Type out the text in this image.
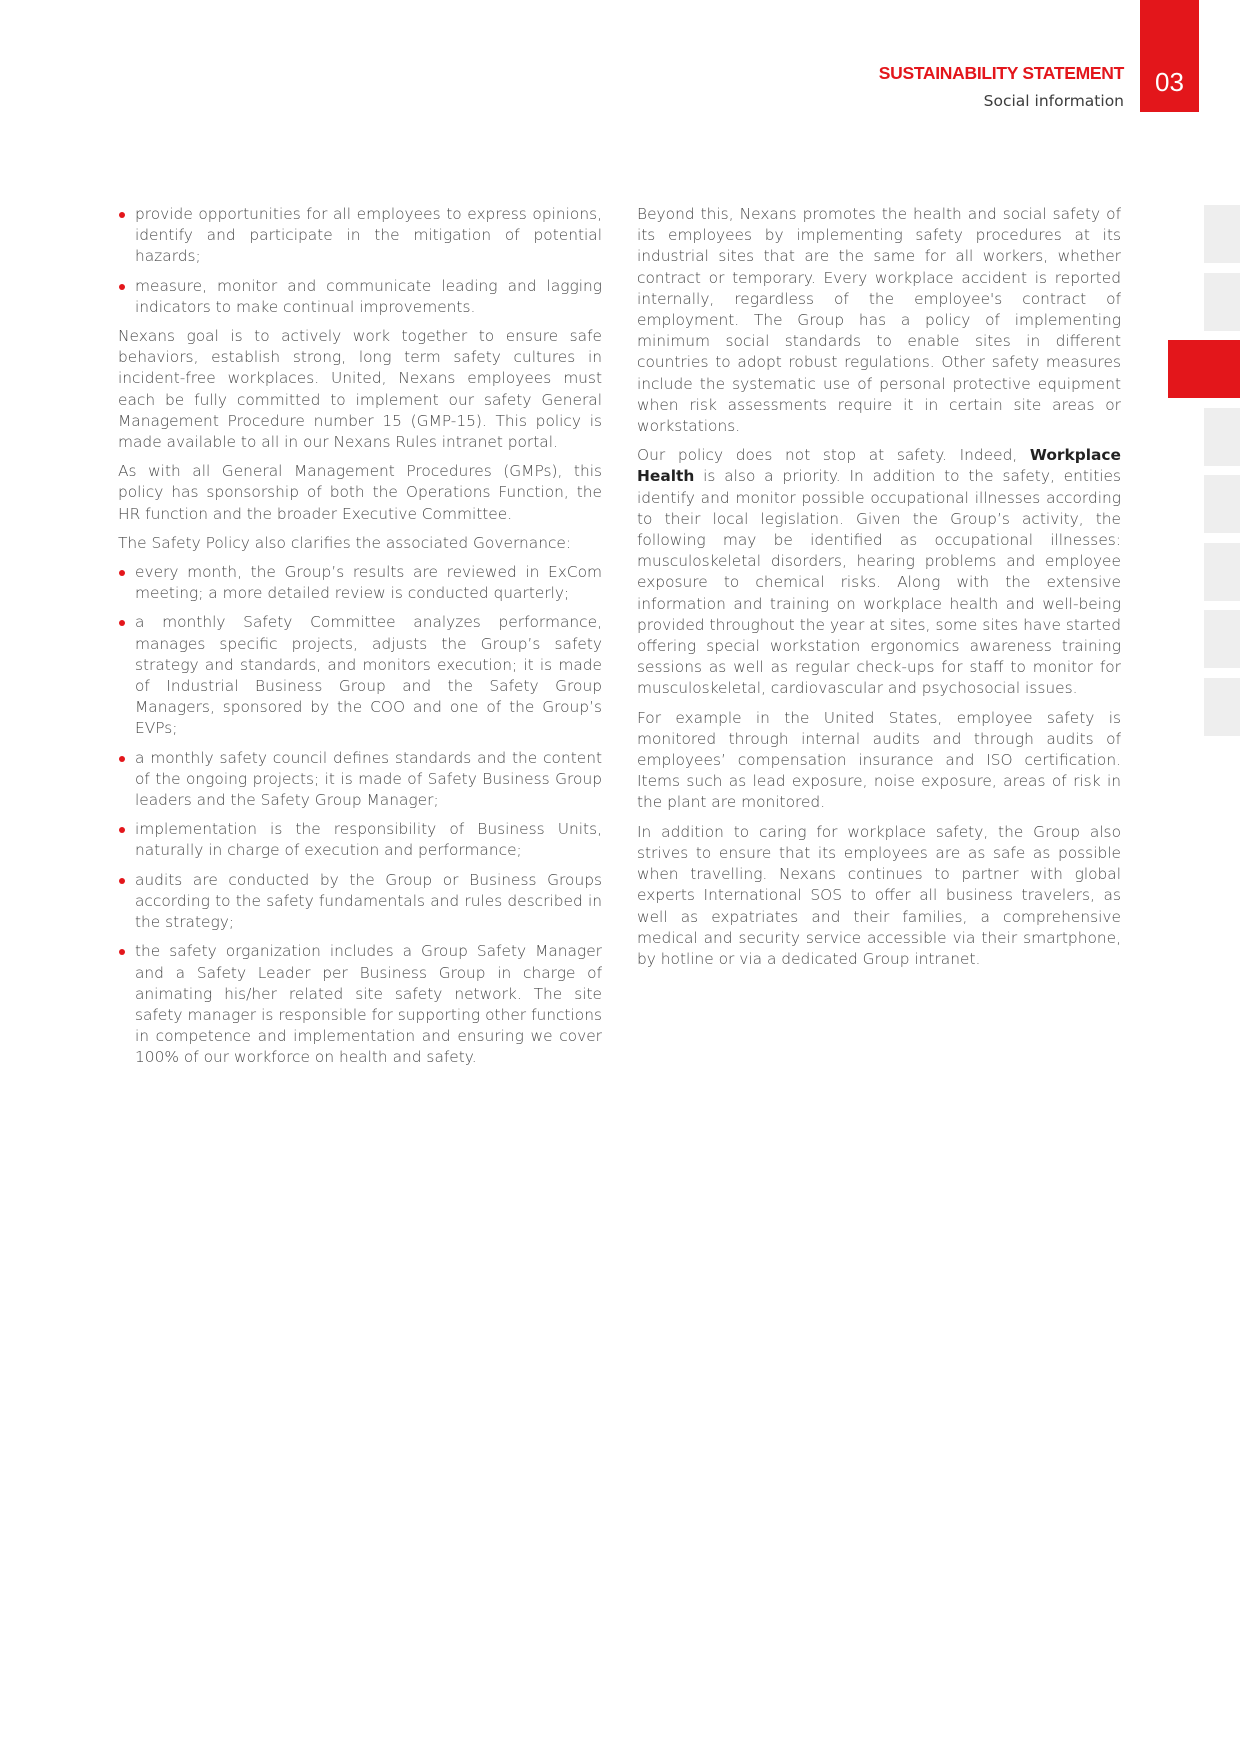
SUSTAINABILITY STATEMENT
Social information
03
provide opportunities for all employees to express opinions, identify and participate in the mitigation of potential hazards;
measure, monitor and communicate leading and lagging indicators to make continual improvements.

Nexans goal is to actively work together to ensure safe behaviors, establish strong, long term safety cultures in incident-free workplaces. United, Nexans employees must each be fully committed to implement our safety General Management Procedure number 15 (GMP-15). This policy is made available to all in our Nexans Rules intranet portal.

As with all General Management Procedures (GMPs), this policy has sponsorship of both the Operations Function, the HR function and the broader Executive Committee.

The Safety Policy also clarifies the associated Governance:

every month, the Group’s results are reviewed in ExCom meeting; a more detailed review is conducted quarterly;
a monthly Safety Committee analyzes performance, manages specific projects, adjusts the Group’s safety strategy and standards, and monitors execution; it is made of Industrial Business Group and the Safety Group Managers, sponsored by the COO and one of the Group’s EVPs;
a monthly safety council defines standards and the content of the ongoing projects; it is made of Safety Business Group leaders and the Safety Group Manager;
implementation is the responsibility of Business Units, naturally in charge of execution and performance;
audits are conducted by the Group or Business Groups according to the safety fundamentals and rules described in the strategy;
the safety organization includes a Group Safety Manager and a Safety Leader per Business Group in charge of animating his/her related site safety network. The site safety manager is responsible for supporting other functions in competence and implementation and ensuring we cover 100% of our workforce on health and safety.

Beyond this, Nexans promotes the health and social safety of its employees by implementing safety procedures at its industrial sites that are the same for all workers, whether contract or temporary. Every workplace accident is reported internally, regardless of the employee's contract of employment. The Group has a policy of implementing minimum social standards to enable sites in different countries to adopt robust regulations. Other safety measures include the systematic use of personal protective equipment when risk assessments require it in certain site areas or workstations.

Our policy does not stop at safety. Indeed, Workplace Health is also a priority. In addition to the safety, entities identify and monitor possible occupational illnesses according to their local legislation. Given the Group’s activity, the following may be identified as occupational illnesses: musculoskeletal disorders, hearing problems and employee exposure to chemical risks. Along with the extensive information and training on workplace health and well-being provided throughout the year at sites, some sites have started offering special workstation ergonomics awareness training sessions as well as regular check-ups for staff to monitor for musculoskeletal, cardiovascular and psychosocial issues.

For example in the United States, employee safety is monitored through internal audits and through audits of employees’ compensation insurance and ISO certification. Items such as lead exposure, noise exposure, areas of risk in the plant are monitored.

In addition to caring for workplace safety, the Group also strives to ensure that its employees are as safe as possible when travelling. Nexans continues to partner with global experts International SOS to offer all business travelers, as well as expatriates and their families, a comprehensive medical and security service accessible via their smartphone, by hotline or via a dedicated Group intranet.
